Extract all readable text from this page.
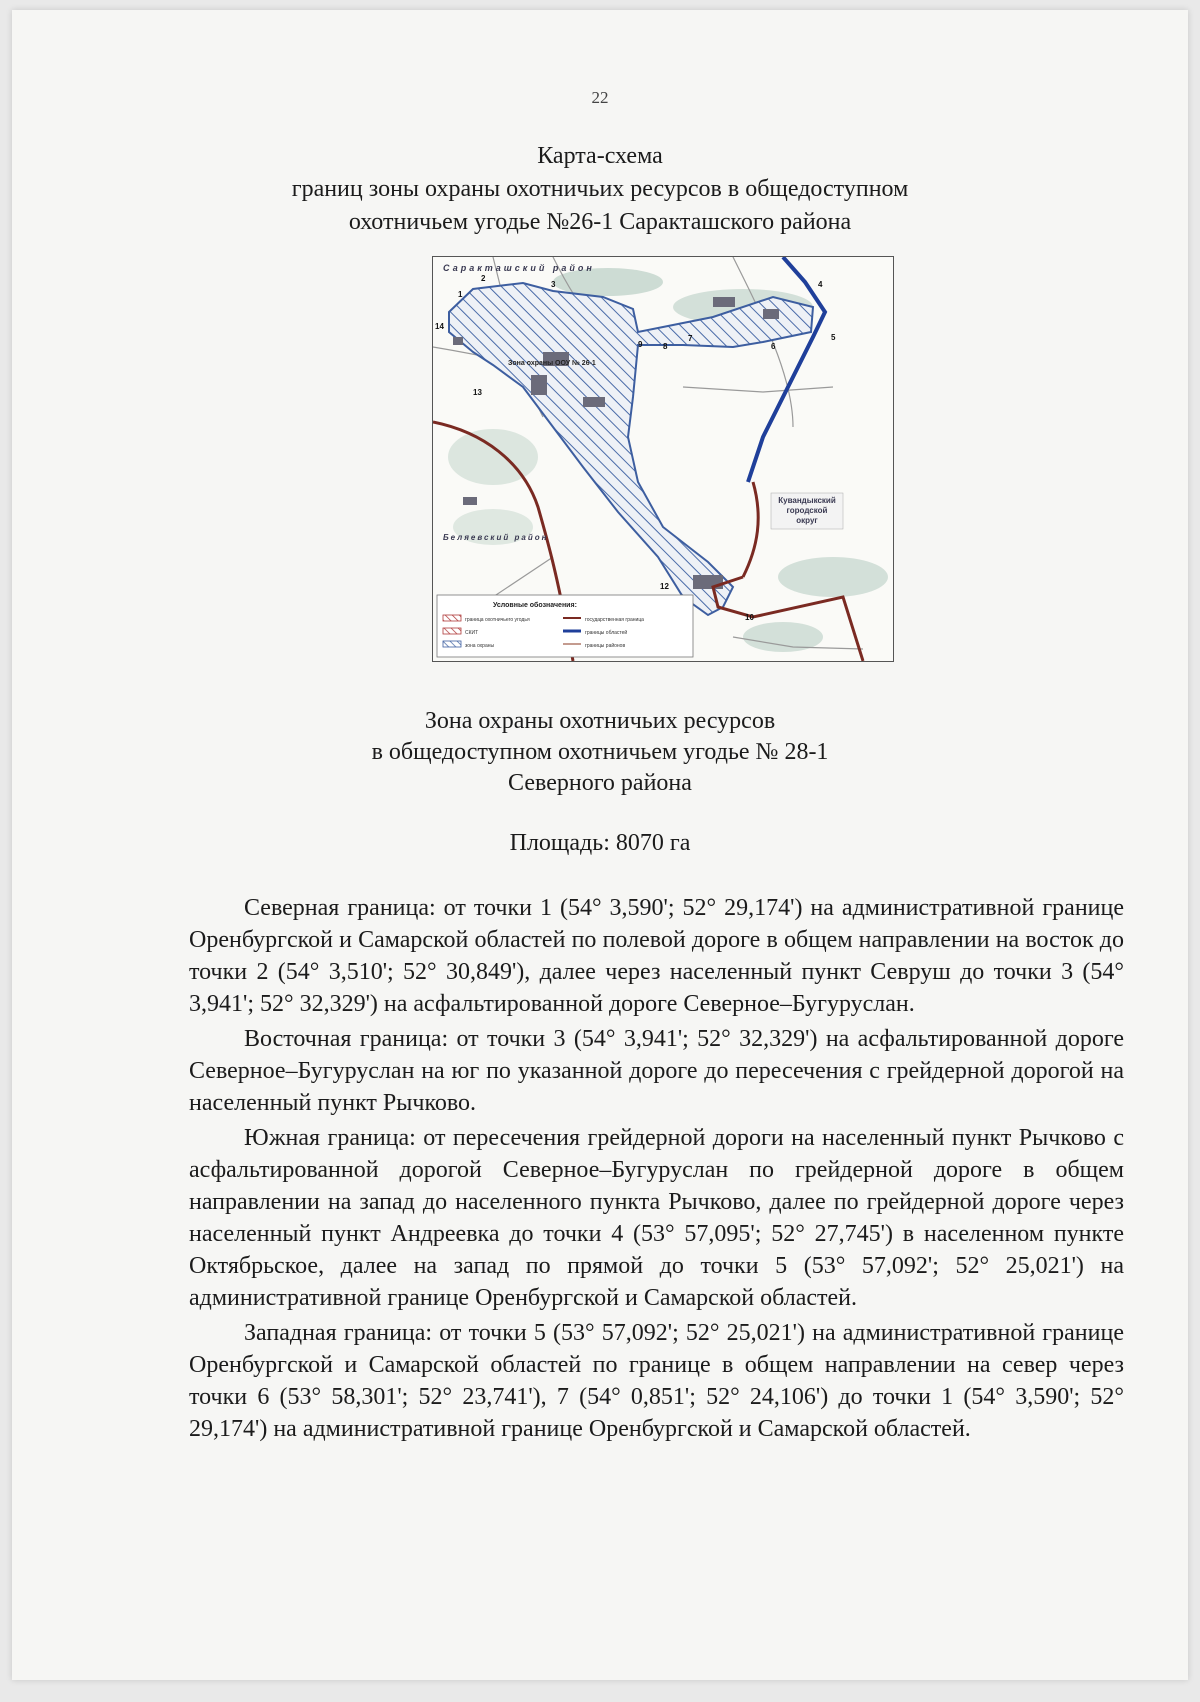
22
Карта-схема
границ зоны охраны охотничьих ресурсов в общедоступном
охотничьем угодье №26-1 Саракташского района
Саракташский район
Беляевский район
Кувандыкский
городской
округ
Зона охраны ООУ № 26-1
1
2
3	4
5
6
7
8
9
10
12
13
14
Условные обозначения:
граница охотничьего угодья
СКИТ
зона охраны
государственная граница
границы областей
границы районов
Зона охраны охотничьих ресурсов
в общедоступном охотничьем угодье № 28-1
Северного района
Площадь: 8070 га

Северная граница: от точки 1 (54° 3,590'; 52° 29,174') на административной границе Оренбургской и Самарской областей по полевой дороге в общем направлении на восток до точки 2 (54° 3,510'; 52° 30,849'), далее через населенный пункт Севруш до точки 3 (54° 3,941'; 52° 32,329') на асфальтированной дороге Северное–Бугуруслан.

Восточная граница: от точки 3 (54° 3,941'; 52° 32,329') на асфальтированной дороге Северное–Бугуруслан на юг по указанной дороге до пересечения с грейдерной дорогой на населенный пункт Рычково.

Южная граница: от пересечения грейдерной дороги на населенный пункт Рычково с асфальтированной дорогой Северное–Бугуруслан по грейдерной дороге в общем направлении на запад до населенного пункта Рычково, далее по грейдерной дороге через населенный пункт Андреевка до точки 4 (53° 57,095'; 52° 27,745') в населенном пункте Октябрьское, далее на запад по прямой до точки 5 (53° 57,092'; 52° 25,021') на административной границе Оренбургской и Самарской областей.

Западная граница: от точки 5 (53° 57,092'; 52° 25,021') на административной границе Оренбургской и Самарской областей по границе в общем направлении на север через точки 6 (53° 58,301'; 52° 23,741'), 7 (54° 0,851'; 52° 24,106') до точки 1 (54° 3,590'; 52° 29,174') на административной границе Оренбургской и Самарской областей.
